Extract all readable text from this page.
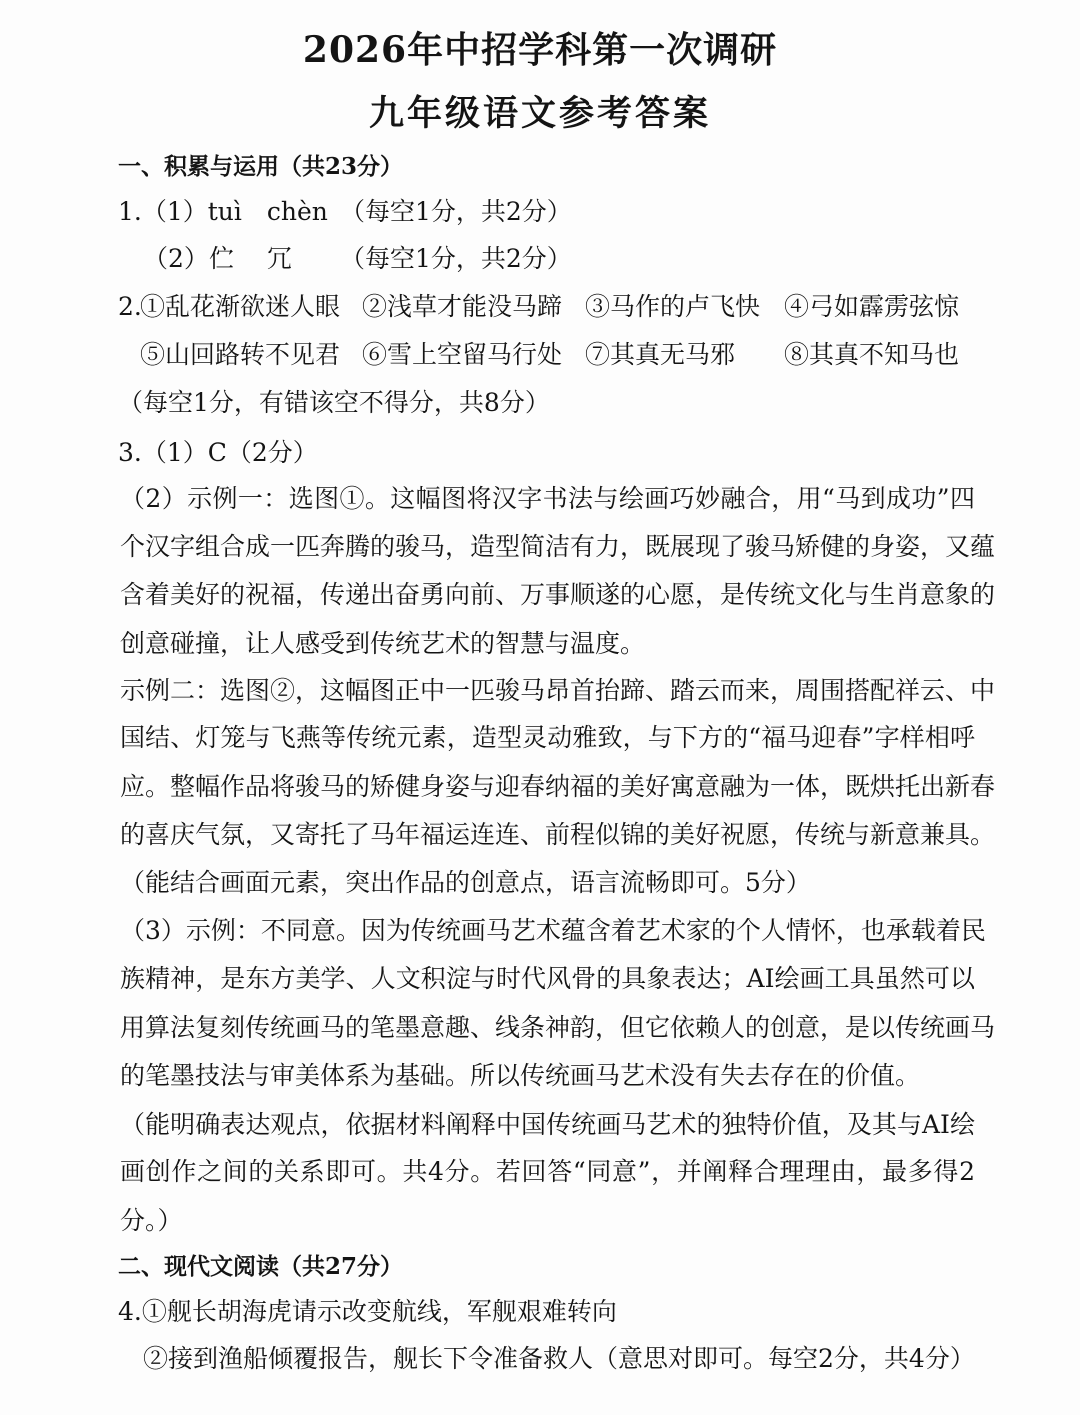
2026年中招学科第一次调研
九年级语文参考答案
一、积累与运用（共23分）
1.（1）tuì　chèn （每空1分，共2分）
（2）伫　 冗 （每空1分，共2分）
2.
①乱花渐欲迷人眼 ②浅草才能没马蹄 ③马作的卢飞快 ④弓如霹雳弦惊
⑤山回路转不见君 ⑥雪上空留马行处 ⑦其真无马邪 ⑧其真不知马也
（每空1分，有错该空不得分，共8分）
3.（1）C（2分）
（2）示例一：选图①。这幅图将汉字书法与绘画巧妙融合，用“马到成功”四
个汉字组合成一匹奔腾的骏马，造型简洁有力，既展现了骏马矫健的身姿，又蕴
含着美好的祝福，传递出奋勇向前、万事顺遂的心愿，是传统文化与生肖意象的
创意碰撞，让人感受到传统艺术的智慧与温度。
示例二：选图②，这幅图正中一匹骏马昂首抬蹄、踏云而来，周围搭配祥云、中
国结、灯笼与飞燕等传统元素，造型灵动雅致，与下方的“福马迎春”字样相呼
应。整幅作品将骏马的矫健身姿与迎春纳福的美好寓意融为一体，既烘托出新春
的喜庆气氛，又寄托了马年福运连连、前程似锦的美好祝愿，传统与新意兼具。
（能结合画面元素，突出作品的创意点，语言流畅即可。5分）
（3）示例：不同意。因为传统画马艺术蕴含着艺术家的个人情怀，也承载着民
族精神，是东方美学、人文积淀与时代风骨的具象表达；AI绘画工具虽然可以
用算法复刻传统画马的笔墨意趣、线条神韵，但它依赖人的创意，是以传统画马
的笔墨技法与审美体系为基础。所以传统画马艺术没有失去存在的价值。
（能明确表达观点，依据材料阐释中国传统画马艺术的独特价值，及其与AI绘
画创作之间的关系即可。共4分。若回答“同意”，并阐释合理理由，最多得2
分。）
二、现代文阅读（共27分）
4.①舰长胡海虎请示改变航线，军舰艰难转向
②接到渔船倾覆报告，舰长下令准备救人（意思对即可。每空2分，共4分）
